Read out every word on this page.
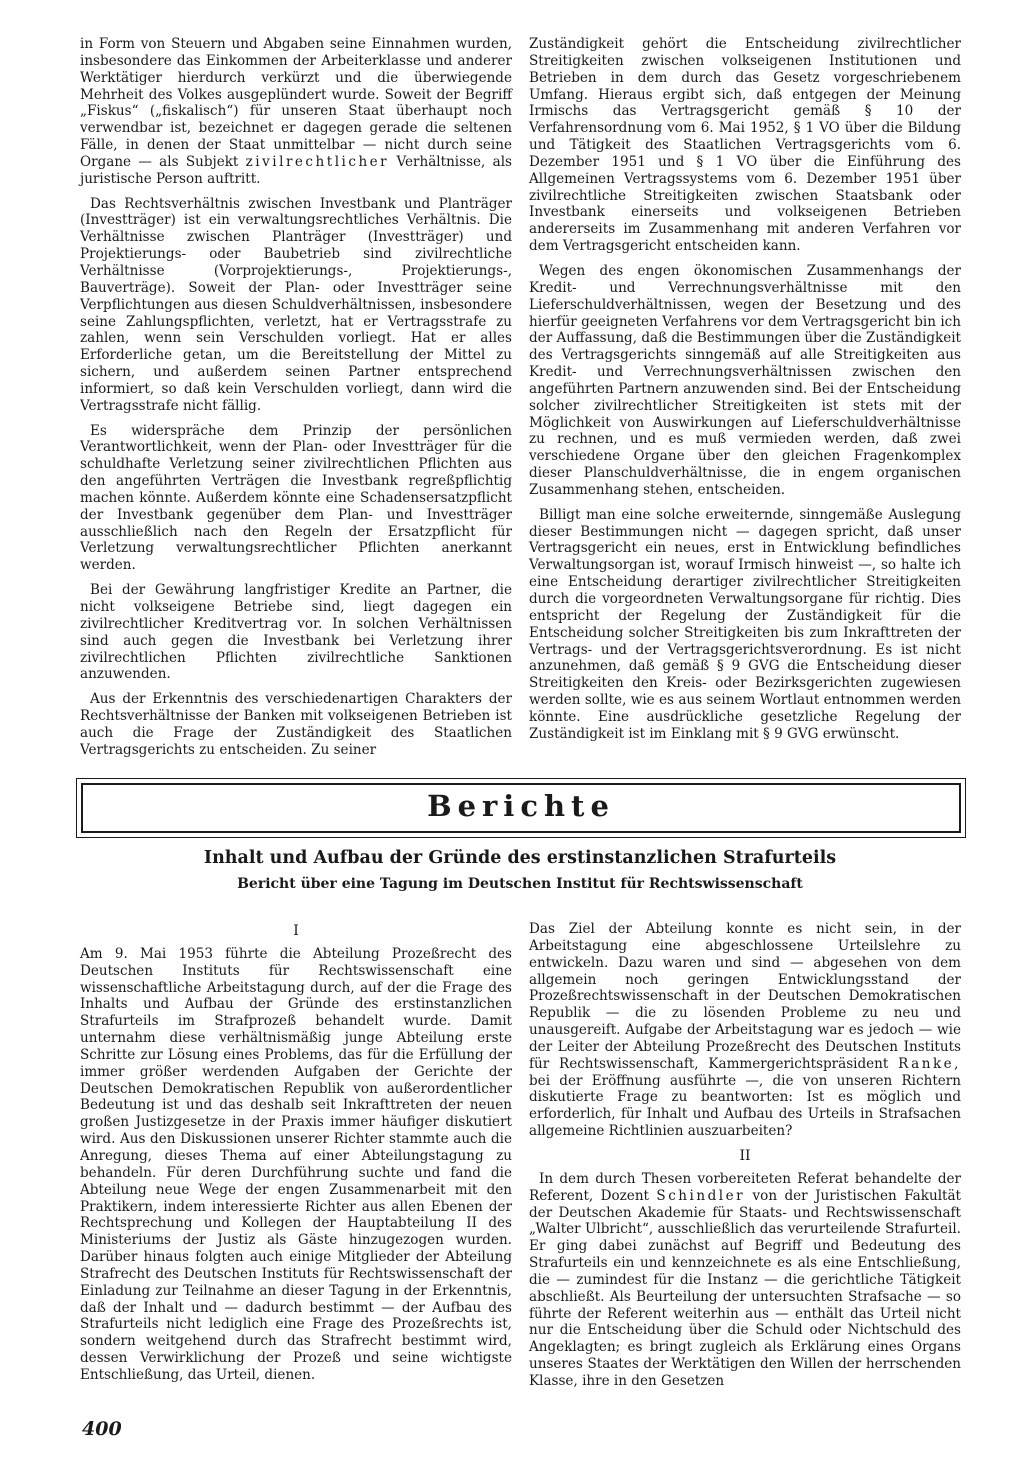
in Form von Steuern und Abgaben seine Einnahmen wurden, insbesondere das Einkommen der Arbeiterklasse und anderer Werktätiger hierdurch verkürzt und die überwiegende Mehrheit des Volkes ausgeplündert wurde. Soweit der Begriff „Fiskus“ („fiskalisch“) für unseren Staat überhaupt noch verwendbar ist, bezeichnet er dagegen gerade die seltenen Fälle, in denen der Staat unmittelbar — nicht durch seine Organe — als Subjekt zivilrechtlicher Verhältnisse, als juristische Person auftritt.

Das Rechtsverhältnis zwischen Investbank und Planträger (Investträger) ist ein verwaltungsrechtliches Verhältnis. Die Verhältnisse zwischen Planträger (Investträger) und Projektierungs- oder Baubetrieb sind zivilrechtliche Verhältnisse (Vorprojektierungs-, Projektierungs-, Bauverträge). Soweit der Plan- oder Investträger seine Verpflichtungen aus diesen Schuldverhältnissen, insbesondere seine Zahlungspflichten, verletzt, hat er Vertragsstrafe zu zahlen, wenn sein Verschulden vorliegt. Hat er alles Erforderliche getan, um die Bereitstellung der Mittel zu sichern, und außerdem seinen Partner entsprechend informiert, so daß kein Verschulden vorliegt, dann wird die Vertragsstrafe nicht fällig.

Es widerspräche dem Prinzip der persönlichen Verantwortlichkeit, wenn der Plan- oder Investträger für die schuldhafte Verletzung seiner zivilrechtlichen Pflichten aus den angeführten Verträgen die Investbank regreßpflichtig machen könnte. Außerdem könnte eine Schadensersatzpflicht der Investbank gegenüber dem Plan- und Investträger ausschließlich nach den Regeln der Ersatzpflicht für Verletzung verwaltungsrechtlicher Pflichten anerkannt werden.

Bei der Gewährung langfristiger Kredite an Partner, die nicht volkseigene Betriebe sind, liegt dagegen ein zivilrechtlicher Kreditvertrag vor. In solchen Verhältnissen sind auch gegen die Investbank bei Verletzung ihrer zivilrechtlichen Pflichten zivilrechtliche Sanktionen anzuwenden.

Aus der Erkenntnis des verschiedenartigen Charakters der Rechtsverhältnisse der Banken mit volkseigenen Betrieben ist auch die Frage der Zuständigkeit des Staatlichen Vertragsgerichts zu entscheiden. Zu seiner

Zuständigkeit gehört die Entscheidung zivilrechtlicher Streitigkeiten zwischen volkseigenen Institutionen und Betrieben in dem durch das Gesetz vorgeschriebenem Umfang. Hieraus ergibt sich, daß entgegen der Meinung Irmischs das Vertragsgericht gemäß § 10 der Verfahrensordnung vom 6. Mai 1952, § 1 VO über die Bildung und Tätigkeit des Staatlichen Vertragsgerichts vom 6. Dezember 1951 und § 1 VO über die Einführung des Allgemeinen Vertragssystems vom 6. Dezember 1951 über zivilrechtliche Streitigkeiten zwischen Staatsbank oder Investbank einerseits und volkseigenen Betrieben andererseits im Zusammenhang mit anderen Verfahren vor dem Vertragsgericht entscheiden kann.

Wegen des engen ökonomischen Zusammenhangs der Kredit- und Verrechnungsverhältnisse mit den Lieferschuldverhältnissen, wegen der Besetzung und des hierfür geeigneten Verfahrens vor dem Vertragsgericht bin ich der Auffassung, daß die Bestimmungen über die Zuständigkeit des Vertragsgerichts sinngemäß auf alle Streitigkeiten aus Kredit- und Verrechnungsverhältnissen zwischen den angeführten Partnern anzuwenden sind. Bei der Entscheidung solcher zivilrechtlicher Streitigkeiten ist stets mit der Möglichkeit von Auswirkungen auf Lieferschuldverhältnisse zu rechnen, und es muß vermieden werden, daß zwei verschiedene Organe über den gleichen Fragenkomplex dieser Planschuldverhältnisse, die in engem organischen Zusammenhang stehen, entscheiden.

Billigt man eine solche erweiternde, sinngemäße Auslegung dieser Bestimmungen nicht — dagegen spricht, daß unser Vertragsgericht ein neues, erst in Entwicklung befindliches Verwaltungsorgan ist, worauf Irmisch hinweist —, so halte ich eine Entscheidung derartiger zivilrechtlicher Streitigkeiten durch die vorgeordneten Verwaltungsorgane für richtig. Dies entspricht der Regelung der Zuständigkeit für die Entscheidung solcher Streitigkeiten bis zum Inkrafttreten der Vertrags- und der Vertragsgerichtsverordnung. Es ist nicht anzunehmen, daß gemäß § 9 GVG die Entscheidung dieser Streitigkeiten den Kreis- oder Bezirksgerichten zugewiesen werden sollte, wie es aus seinem Wortlaut entnommen werden könnte. Eine ausdrückliche gesetzliche Regelung der Zuständigkeit ist im Einklang mit § 9 GVG erwünscht.

Berichte
Inhalt und Aufbau der Gründe des erstinstanzlichen Strafurteils
Bericht über eine Tagung im Deutschen Institut für Rechtswissenschaft
I

Am 9. Mai 1953 führte die Abteilung Prozeßrecht des Deutschen Instituts für Rechtswissenschaft eine wissenschaftliche Arbeitstagung durch, auf der die Frage des Inhalts und Aufbau der Gründe des erstinstanzlichen Strafurteils im Strafprozeß behandelt wurde. Damit unternahm diese verhältnismäßig junge Abteilung erste Schritte zur Lösung eines Problems, das für die Erfüllung der immer größer werdenden Aufgaben der Gerichte der Deutschen Demokratischen Republik von außerordentlicher Bedeutung ist und das deshalb seit Inkrafttreten der neuen großen Justizgesetze in der Praxis immer häufiger diskutiert wird. Aus den Diskussionen unserer Richter stammte auch die Anregung, dieses Thema auf einer Abteilungstagung zu behandeln. Für deren Durchführung suchte und fand die Abteilung neue Wege der engen Zusammenarbeit mit den Praktikern, indem interessierte Richter aus allen Ebenen der Rechtsprechung und Kollegen der Hauptabteilung II des Ministeriums der Justiz als Gäste hinzugezogen wurden. Darüber hinaus folgten auch einige Mitglieder der Abteilung Strafrecht des Deutschen Instituts für Rechtswissenschaft der Einladung zur Teilnahme an dieser Tagung in der Erkenntnis, daß der Inhalt und — dadurch bestimmt — der Aufbau des Strafurteils nicht lediglich eine Frage des Prozeßrechts ist, sondern weitgehend durch das Strafrecht bestimmt wird, dessen Verwirklichung der Prozeß und seine wichtigste Entschließung, das Urteil, dienen.

Das Ziel der Abteilung konnte es nicht sein, in der Arbeitstagung eine abgeschlossene Urteilslehre zu entwickeln. Dazu waren und sind — abgesehen von dem allgemein noch geringen Entwicklungsstand der Prozeßrechtswissenschaft in der Deutschen Demokratischen Republik — die zu lösenden Probleme zu neu und unausgereift. Aufgabe der Arbeitstagung war es jedoch — wie der Leiter der Abteilung Prozeßrecht des Deutschen Instituts für Rechtswissenschaft, Kammergerichtspräsident Ranke, bei der Eröffnung ausführte —, die von unseren Richtern diskutierte Frage zu beantworten: Ist es möglich und erforderlich, für Inhalt und Aufbau des Urteils in Strafsachen allgemeine Richtlinien auszuarbeiten?

II

In dem durch Thesen vorbereiteten Referat behandelte der Referent, Dozent Schindler von der Juristischen Fakultät der Deutschen Akademie für Staats- und Rechtswissenschaft „Walter Ulbricht“, ausschließlich das verurteilende Strafurteil. Er ging dabei zunächst auf Begriff und Bedeutung des Strafurteils ein und kennzeichnete es als eine Entschließung, die — zumindest für die Instanz — die gerichtliche Tätigkeit abschließt. Als Beurteilung der untersuchten Strafsache — so führte der Referent weiterhin aus — enthält das Urteil nicht nur die Entscheidung über die Schuld oder Nichtschuld des Angeklagten; es bringt zugleich als Erklärung eines Organs unseres Staates der Werktätigen den Willen der herrschenden Klasse, ihre in den Gesetzen

400
